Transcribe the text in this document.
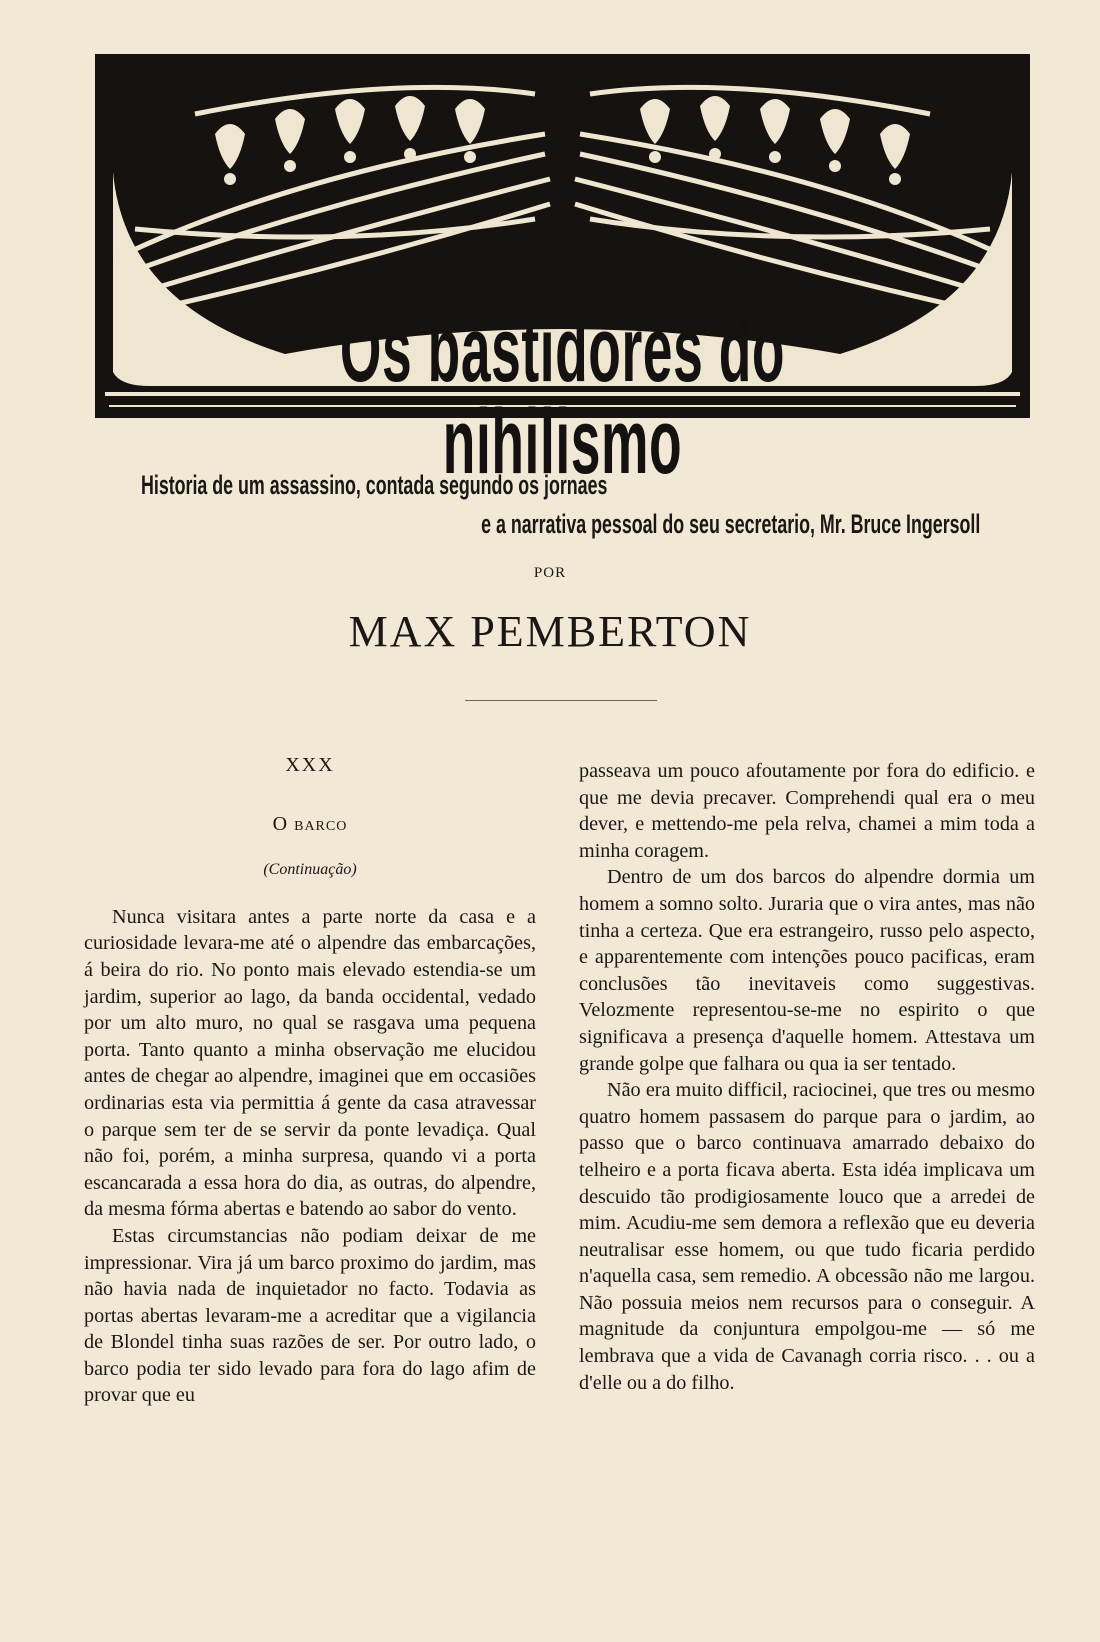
Os bastidores do nihilismo
Historia de um assassino, contada segundo os jornaes
e a narrativa pessoal do seu secretario, Mr. Bruce Ingersoll
POR
MAX PEMBERTON
XXX
O barco
(Continuação)

Nunca visitara antes a parte norte da casa e a curiosidade levara-me até o alpendre das embarcações, á beira do rio. No ponto mais elevado estendia-se um jardim, superior ao lago, da banda occidental, vedado por um alto muro, no qual se rasgava uma pequena porta. Tanto quanto a minha observação me elucidou antes de chegar ao alpendre, imaginei que em occasiões ordinarias esta via permittia á gente da casa atravessar o parque sem ter de se servir da ponte levadiça. Qual não foi, porém, a minha surpresa, quando vi a porta escancarada a essa hora do dia, as outras, do alpendre, da mesma fórma abertas e batendo ao sabor do vento.

Estas circumstancias não podiam deixar de me impressionar. Vira já um barco proximo do jardim, mas não havia nada de inquietador no facto. Todavia as portas abertas levaram-me a acreditar que a vigilancia de Blondel tinha suas razões de ser. Por outro lado, o barco podia ter sido levado para fora do lago afim de provar que eu

passeava um pouco afoutamente por fora do edificio. e que me devia precaver. Comprehendi qual era o meu dever, e mettendo-me pela relva, chamei a mim toda a minha coragem.

Dentro de um dos barcos do alpendre dormia um homem a somno solto. Juraria que o vira antes, mas não tinha a certeza. Que era estrangeiro, russo pelo aspecto, e apparentemente com intenções pouco pacificas, eram conclusões tão inevitaveis como suggestivas. Velozmente representou-se-me no espirito o que significava a presença d'aquelle homem. Attestava um grande golpe que falhara ou qua ia ser tentado.

Não era muito difficil, raciocinei, que tres ou mesmo quatro homem passasem do parque para o jardim, ao passo que o barco continuava amarrado debaixo do telheiro e a porta ficava aberta. Esta idéa implicava um descuido tão prodigiosamente louco que a arredei de mim. Acudiu-me sem demora a reflexão que eu deveria neutralisar esse homem, ou que tudo ficaria perdido n'aquella casa, sem remedio. A obcessão não me largou. Não possuia meios nem recursos para o conseguir. A magnitude da conjuntura empolgou-me — só me lembrava que a vida de Cavanagh corria risco. . . ou a d'elle ou a do filho.
